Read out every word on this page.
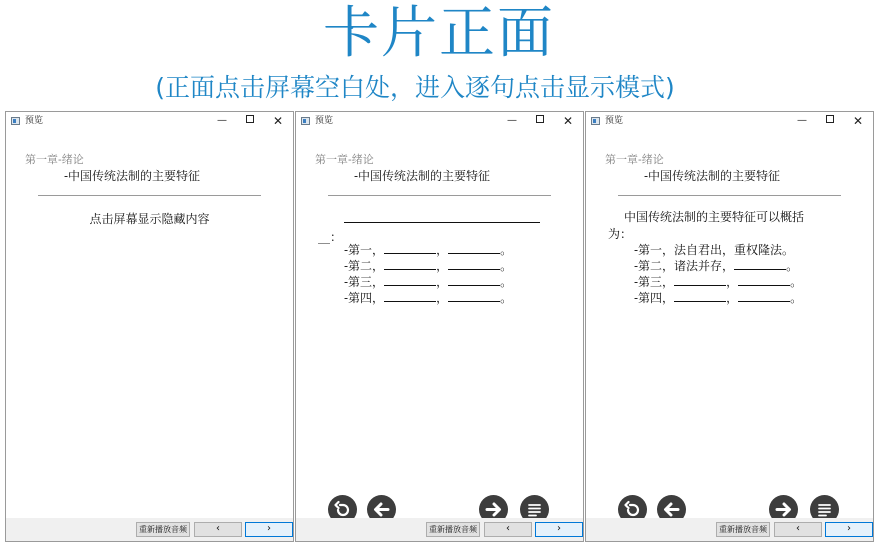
卡片正面
(正面点击屏幕空白处，进入逐句点击显示模式)
预览	—	✕
第一章-绪论
-中国传统法制的主要特征
点击屏幕显示隐藏内容
重新播放音频	‹	›
预览	—	✕
第一章-绪论
-中国传统法制的主要特征
__：
-第一，	，	。
-第二，	，	。
-第三，	，	。
-第四，	，	。
重新播放音频	‹	›
预览	—	✕
第一章-绪论
-中国传统法制的主要特征
中国传统法制的主要特征可以概括
为：
-第一，法自君出，重权隆法。
-第二，诸法并存，	。
-第三，	，	。
-第四，	，	。
重新播放音频	‹	›
